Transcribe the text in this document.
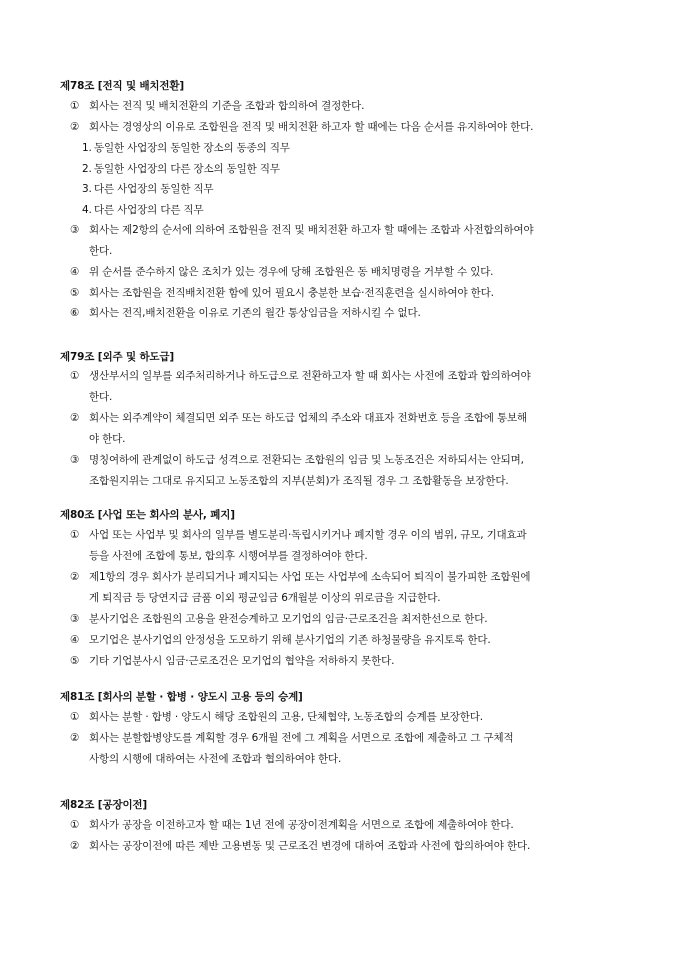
제78조 [전직 및 배치전환]
① 회사는 전직 및 배치전환의 기준을 조합과 합의하여 결정한다.
② 회사는 경영상의 이유로 조합원을 전직 및 배치전환 하고자 할 때에는 다음 순서를 유지하여야 한다.
1. 동일한 사업장의 동일한 장소의 동종의 직무
2. 동일한 사업장의 다른 장소의 동일한 직무
3. 다른 사업장의 동일한 직무
4. 다른 사업장의 다른 직무
③ 회사는 제2항의 순서에 의하여 조합원을 전직 및 배치전환 하고자 할 때에는 조합과 사전합의하여야
한다.
④ 위 순서를 준수하지 않은 조치가 있는 경우에 당해 조합원은 동 배치명령을 거부할 수 있다.
⑤ 회사는 조합원을 전직배치전환 함에 있어 필요시 충분한 보습·전직훈련을 실시하여야 한다.
⑥ 회사는 전직,배치전환을 이유로 기존의 월간 통상임금을 저하시킬 수 없다.
제79조 [외주 및 하도급]
① 생산부서의 일부를 외주처리하거나 하도급으로 전환하고자 할 때 회사는 사전에 조합과 합의하여야
한다.
② 회사는 외주계약이 체결되면 외주 또는 하도급 업체의 주소와 대표자 전화번호 등을 조합에 통보해
야 한다.
③ 명칭여하에 관계없이 하도급 성격으로 전환되는 조합원의 임금 및 노동조건은 저하되서는 안되며,
조합원지위는 그대로 유지되고 노동조합의 지부(분회)가 조직될 경우 그 조합활동을 보장한다.
제80조 [사업 또는 회사의 분사, 폐지]
① 사업 또는 사업부 및 회사의 일부를 별도분리·독립시키거나 폐지할 경우 이의 범위, 규모, 기대효과
등을 사전에 조합에 통보, 합의후 시행여부를 결정하여야 한다.
② 제1항의 경우 회사가 분리되거나 폐지되는 사업 또는 사업부에 소속되어 퇴직이 불가피한 조합원에
게 퇴직금 등 당연지급 금품 이외 평균임금 6개월분 이상의 위로금을 지급한다.
③ 분사기업은 조합원의 고용을 완전승계하고 모기업의 임금·근로조건을 최저한선으로 한다.
④ 모기업은 분사기업의 안정성을 도모하기 위해 분사기업의 기존 하청물량을 유지토록 한다.
⑤ 기타 기업분사시 임금·근로조건은 모기업의 협약을 저하하지 못한다.
제81조 [회사의 분할 · 합병 · 양도시 고용 등의 승계]
① 회사는 분할 · 합병 · 양도시 해당 조합원의 고용, 단체협약, 노동조합의 승계를 보장한다.
② 회사는 분할합병양도를 계획할 경우 6개월 전에 그 계획을 서면으로 조합에 제출하고 그 구체적
사항의 시행에 대하여는 사전에 조합과 협의하여야 한다.
제82조 [공장이전]
① 회사가 공장을 이전하고자 할 때는 1년 전에 공장이전계획을 서면으로 조합에 제출하여야 한다.
② 회사는 공장이전에 따른 제반 고용변동 및 근로조건 변경에 대하여 조합과 사전에 합의하여야 한다.
